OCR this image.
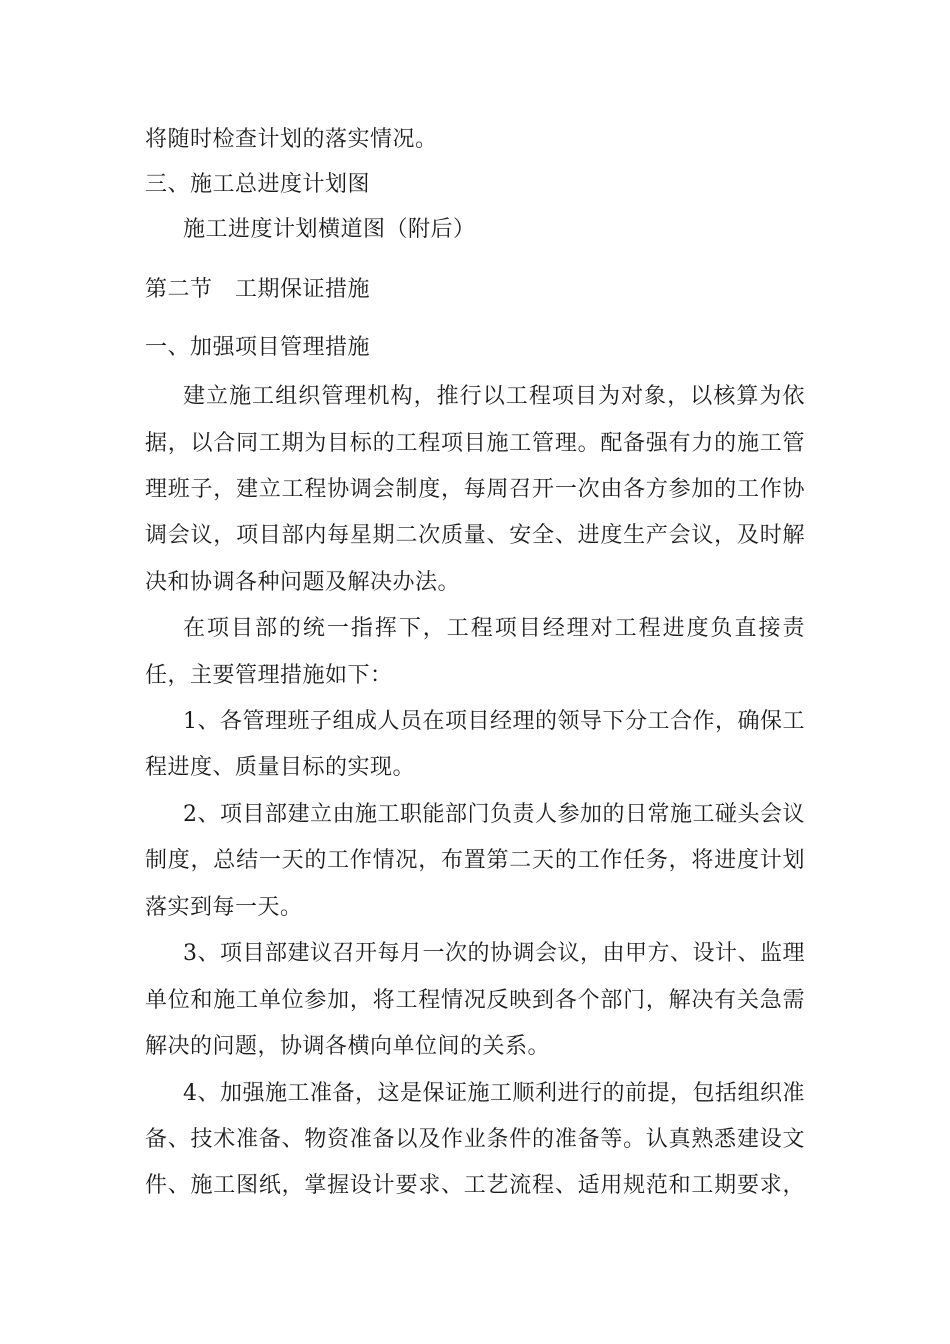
将随时检查计划的落实情况。
三、施工总进度计划图
施工进度计划横道图（附后）
第二节　工期保证措施
一、加强项目管理措施
建立施工组织管理机构，推行以工程项目为对象，以核算为依
据，以合同工期为目标的工程项目施工管理。配备强有力的施工管
理班子，建立工程协调会制度，每周召开一次由各方参加的工作协
调会议，项目部内每星期二次质量、安全、进度生产会议，及时解
决和协调各种问题及解决办法。
在项目部的统一指挥下，工程项目经理对工程进度负直接责
任，主要管理措施如下：
1、各管理班子组成人员在项目经理的领导下分工合作，确保工
程进度、质量目标的实现。
2、项目部建立由施工职能部门负责人参加的日常施工碰头会议
制度，总结一天的工作情况，布置第二天的工作任务，将进度计划
落实到每一天。
3、项目部建议召开每月一次的协调会议，由甲方、设计、监理
单位和施工单位参加，将工程情况反映到各个部门，解决有关急需
解决的问题，协调各横向单位间的关系。
4、加强施工准备，这是保证施工顺利进行的前提，包括组织准
备、技术准备、物资准备以及作业条件的准备等。认真熟悉建设文
件、施工图纸，掌握设计要求、工艺流程、适用规范和工期要求，
